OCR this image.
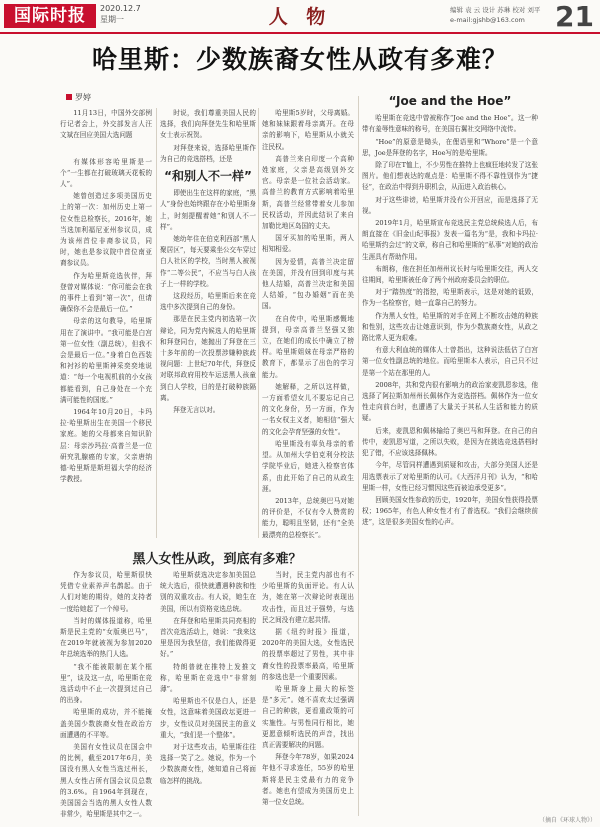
国际时报	2020.12.7
星期一	人 物	编辑 袁 云 设计 苏琳 校对 刘平
e-mail:gjshb@163.com	21
哈里斯：少数族裔女性从政有多难？
罗婷

11月13日，中国外交部例行记者会上，外交部发言人汪文斌在回应美国大选问题

有媒体形容哈里斯是一个“一生都在打破玻璃天花板的人”。

她曾创造过多项美国历史上的第一次：加州历史上第一位女性总检察长，2016年，她当选加利福尼亚州参议员，成为该州首位非裔参议员，同时，她也是参议院中首位南亚裔参议员。

作为哈里斯竞选伙伴，拜登曾对媒体说：“你可能会在我的事件上看到“第一次”，但请确保你不会是最后一位。”

母亲的这句教导，哈里斯用在了演讲中。“我可能是白宫第一位女性（副总统），但我不会是最后一位。”身着白色西装和衬衫的哈里斯神采奕奕地说道：“每一个电视机前的小女孩都能看到，自己身处在一个充满可能性的国度。”

1964年10月20日，卡玛拉·哈里斯出生在美国一个移民家庭。她的父母都来自知识阶层：母亲沙玛拉·高普兰是一位研究乳腺癌的专家，父亲唐纳德·哈里斯是斯坦福大学的经济学教授。

时说，我们尊重美国人民的选择，我们向拜登先生和哈里斯女士表示祝贺。

对拜登来说，选择哈里斯作为自己的竞选搭档，还是

“和别人不一样”

即使出生在这样的家庭，“黑人”身份也始终跟存在小哈里斯身上，时刻提醒着她“和别人不一样”。

她幼年住在伯克利西部“黑人聚居区”，每天要乘坐公交车穿过白人社区的学校，当时黑人被视作“二等公民”，不应当与白人孩子上一样的学校。

这段经历，哈里斯后来在竞选中多次提到自己的身份。

那是在民主党内初选第一次辩论，同为党内候选人的哈里斯和拜登同台，她抛出了拜登在三十多年前的一次投票涉嫌种族歧视问题：上世纪70年代，拜登反对联邦政府用校车运送黑人孩童到白人学校，目的是打破种族隔离。

拜登无言以对。

哈里斯5岁时，父母离婚。她和妹妹跟着母亲离开。在母亲的影响下，哈里斯从小就关注民权。

高普兰来自印度一个高种姓家庭，父亲是高级别外交官。母亲是一位社会活动家。高普兰的教育方式影响着哈里斯，高普兰经常带着女儿参加民权活动，并因此结识了来自加勒比地区岛国的丈夫。

国牙买加的哈里斯，两人相知相爱。

因为爱情，高普兰决定留在美国，并没有回到印度与其他人结婚，高普兰决定和美国人结婚，“包办婚姻”而在美国。

在自传中，哈里斯感慨地提到，母亲高普兰坚强又独立，在她们的成长中确立了榜样。哈里斯姐妹在母亲严格的教育下，都显示了出色的学习能力。

她解释，之所以这样做，一方面希望女儿不要忘记自己的文化身份，另一方面，作为一名女权主义者，她相信“强大的文化会孕育坚强的女性”。

哈里斯没有辜负母亲的希望。从加州大学伯克利分校法学院毕业后，她进入检察官体系，由此开始了自己的从政生涯。

2013年，总统奥巴马对她的评价是，不仅有令人赞赏的能力，聪明且坚韧，还有“全美最漂亮的总检察长”。

“Joe and the Hoe”

哈里斯在竞选中曾被称作“Joe and the Hoe”。这一种带有羞辱性意味的称号，在美国右翼社交网络中流传。

“Hoe”的原意是锄头，在俚语里和“Whore”是一个意思，Joe是拜登的名字，Hoe写的是哈里斯。

除了印在T恤上，不少男性在推特上也疯狂地转发了这张图片。他们想表达的观点是：哈里斯不得不靠性别作为“捷径”，在政治中得到升职机会，从而进入政治核心。

对于这些诽谤，哈里斯并没有公开回应，而是选择了无视。

2019年1月，哈里斯宣布竞选民主党总统候选人后，布朗直接在《旧金山纪事报》发表一篇名为“是，我和卡玛拉·哈里斯约会过”的文章，称自己和哈里斯的“私事”对她的政治生涯具有帮助作用。

布朗称，他在担任加州州议长时与哈里斯交往，两人交往期间，哈里斯被任命了两个州政府委员会的职位。

对于“踏热度”的指控，哈里斯表示，这是对她的诋毁，作为一名检察官，她一直靠自己的努力。

作为黑人女性，哈里斯的对手在网上不断攻击她的种族和性别，这些攻击让她意识到，作为少数族裔女性，从政之路比常人更为艰难。

有意大利血统的媒体人士曾指出，这种说法低估了白宫第一位女性副总统的地位。而哈里斯本人表示，自己只不过是第一个站在那里的人。

2008年，共和党内很有影响力的政治家麦凯恩参选，他选择了阿拉斯加州州长佩林作为竞选搭档。佩林作为一位女性走向前台时，也遭遇了大量关于其私人生活和能力的质疑。

后来，麦凯恩和佩林输给了奥巴马和拜登。在自己的自传中，麦凯恩写道，之所以失败，是因为在挑选竞选搭档时犯了错，不应该选择佩林。

今年，尽管同样遭遇到质疑和攻击，大部分美国人还是用选票表示了对哈里斯的认可。《大西洋月刊》认为，“和哈里斯一样，女性已经习惯因这些而被迫承受更多”。

回顾美国女性参政的历史，1920年，美国女性获得投票权；1965年，有色人种女性才有了普选权。“我们会继续前进”，这是很多美国女性的心声。

黑人女性从政，到底有多难？

作为参议员，哈里斯很快凭借专业素养声名鹊起。由于人们对她的期待，她的支持者一度给她起了一个绰号。

当时的媒体报道称，哈里斯是民主党的“女版奥巴马”，在2019年就被视为参加2020年总统选举的热门人选。

“我不能被限制在某个框里”，谈及这一点，哈里斯在竞选活动中不止一次提到过自己的出身。

哈里斯的成功，并不能掩盖美国少数族裔女性在政治方面遭遇的不平等。

美国有女性议员在国会中的比例，截至2017年6月，美国没有黑人女性当选过州长，黑人女性占所有国会议员总数的3.6%。自1964年到现在，美国国会当选的黑人女性人数非常少，哈里斯是其中之一。

哈里斯获选决定参加美国总统大选后，很快就遭遇种族和性别的双重攻击。有人说，她生在美国，所以有资格竞选总统。

在拜登和哈里斯共同亮相的首次竞选活动上，她说：“我来这里是因为我坚信，我们能做得更好。”

特朗普就在推特上发推文称，哈里斯在竞选中“非常刻薄”。

哈里斯也不仅是白人，还是女性，这意味着美国政坛更进一步，女性议员对美国民主的意义重大，“我们是一个整体”。

对于这些攻击，哈里斯往往选择一笑了之。她说，作为一个少数族裔女性，她知道自己将面临怎样的挑战。

当时，民主党内部也有不少哈里斯的负面评论。有人认为，她在第一次辩论时表现出攻击性，而且过于强势，与选民之间没有建立起共情。

据《纽约时报》报道，2020年的美国大选，女性选民的投票率超过了男性，其中非裔女性的投票率最高，哈里斯的参选也是一个重要因素。

哈里斯身上最大的标签是“多元”。她不喜欢太过强调自己的种族，更看重政策的可实施性。与男性同行相比，她更愿意倾听选民的声音，找出真正需要解决的问题。

拜登今年78岁，如果2024年他不寻求连任，55岁的哈里斯将是民主党最有力的竞争者。她也有望成为美国历史上第一位女总统。

（摘自《环球人物》）
